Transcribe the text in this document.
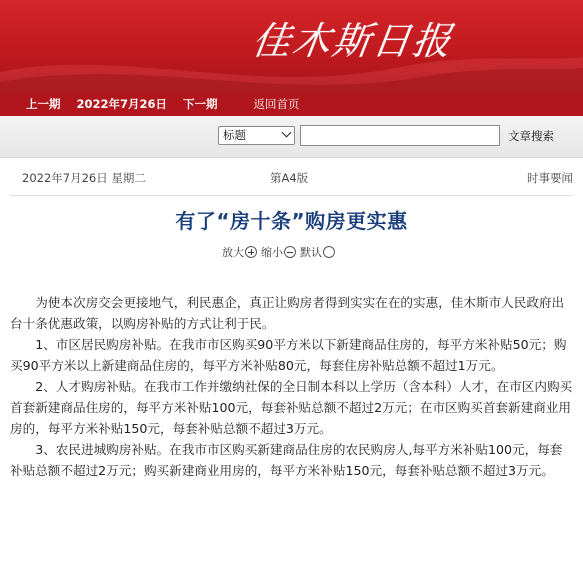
佳木斯日报
上一期 2022年7月26日 下一期	返回首页
标题	文章搜索
2022年7月26日 星期二	第A4版	时事要闻
有了“房十条”购房更实惠
放大 缩小 默认

为使本次房交会更接地气，利民惠企，真正让购房者得到实实在在的实惠，佳木斯市人民政府出台十条优惠政策，以购房补贴的方式让利于民。

1、市区居民购房补贴。在我市市区购买90平方米以下新建商品住房的，每平方米补贴50元；购买90平方米以上新建商品住房的，每平方米补贴80元，每套住房补贴总额不超过1万元。

2、人才购房补贴。在我市工作并缴纳社保的全日制本科以上学历（含本科）人才，在市区内购买首套新建商品住房的，每平方米补贴100元，每套补贴总额不超过2万元；在市区购买首套新建商业用房的，每平方米补贴150元，每套补贴总额不超过3万元。

3、农民进城购房补贴。在我市市区购买新建商品住房的农民购房人,每平方米补贴100元，每套补贴总额不超过2万元；购买新建商业用房的，每平方米补贴150元，每套补贴总额不超过3万元。
